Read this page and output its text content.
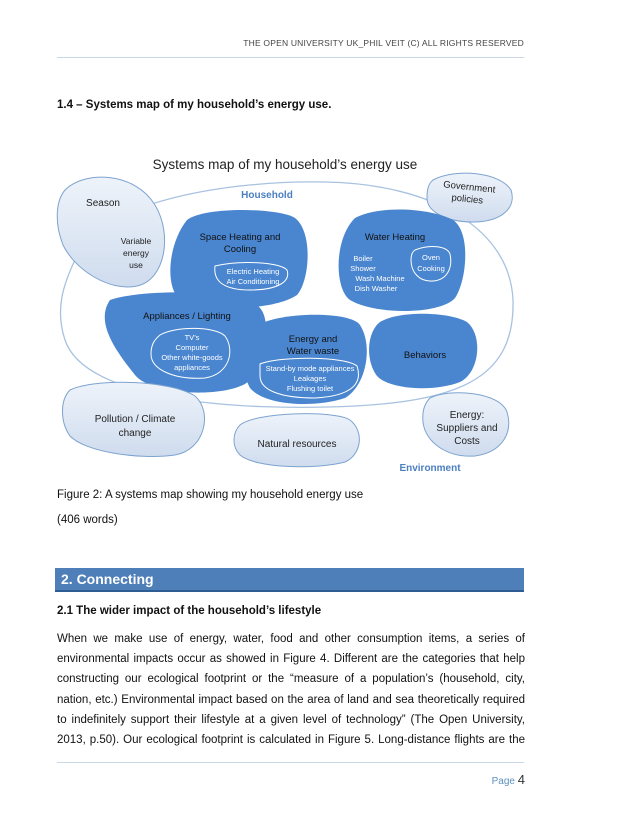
THE OPEN UNIVERSITY UK_PHIL VEIT (C) ALL RIGHTS RESERVED
1.4 – Systems map of my household’s energy use.
Systems map of my household’s energy use
Household
Season
Variable
energy
use
Government
policies
Space Heating and
Cooling
Electric Heating
Air Conditioning
Water Heating
Boiler
Shower
Wash Machine
Dish Washer
Oven
Cooking
Appliances / Lighting
TV’s
Computer
Other white-goods
appliances
Energy and
Water waste
Stand-by mode appliances
Leakages
Flushing toilet
Behaviors
Pollution / Climate
change
Natural resources
Energy:
Suppliers and
Costs
Environment
Figure 2: A systems map showing my household energy use
(406 words)
2. Connecting
2.1 The wider impact of the household’s lifestyle

When we make use of energy, water, food and other consumption items, a series of

environmental impacts occur as showed in Figure 4. Different are the categories that help

constructing our ecological footprint or the “measure of a population’s (household, city,

nation, etc.) Environmental impact based on the area of land and sea theoretically required

to indefinitely support their lifestyle at a given level of technology” (The Open University,

2013, p.50). Our ecological footprint is calculated in Figure 5. Long-distance flights are the

Page 4
